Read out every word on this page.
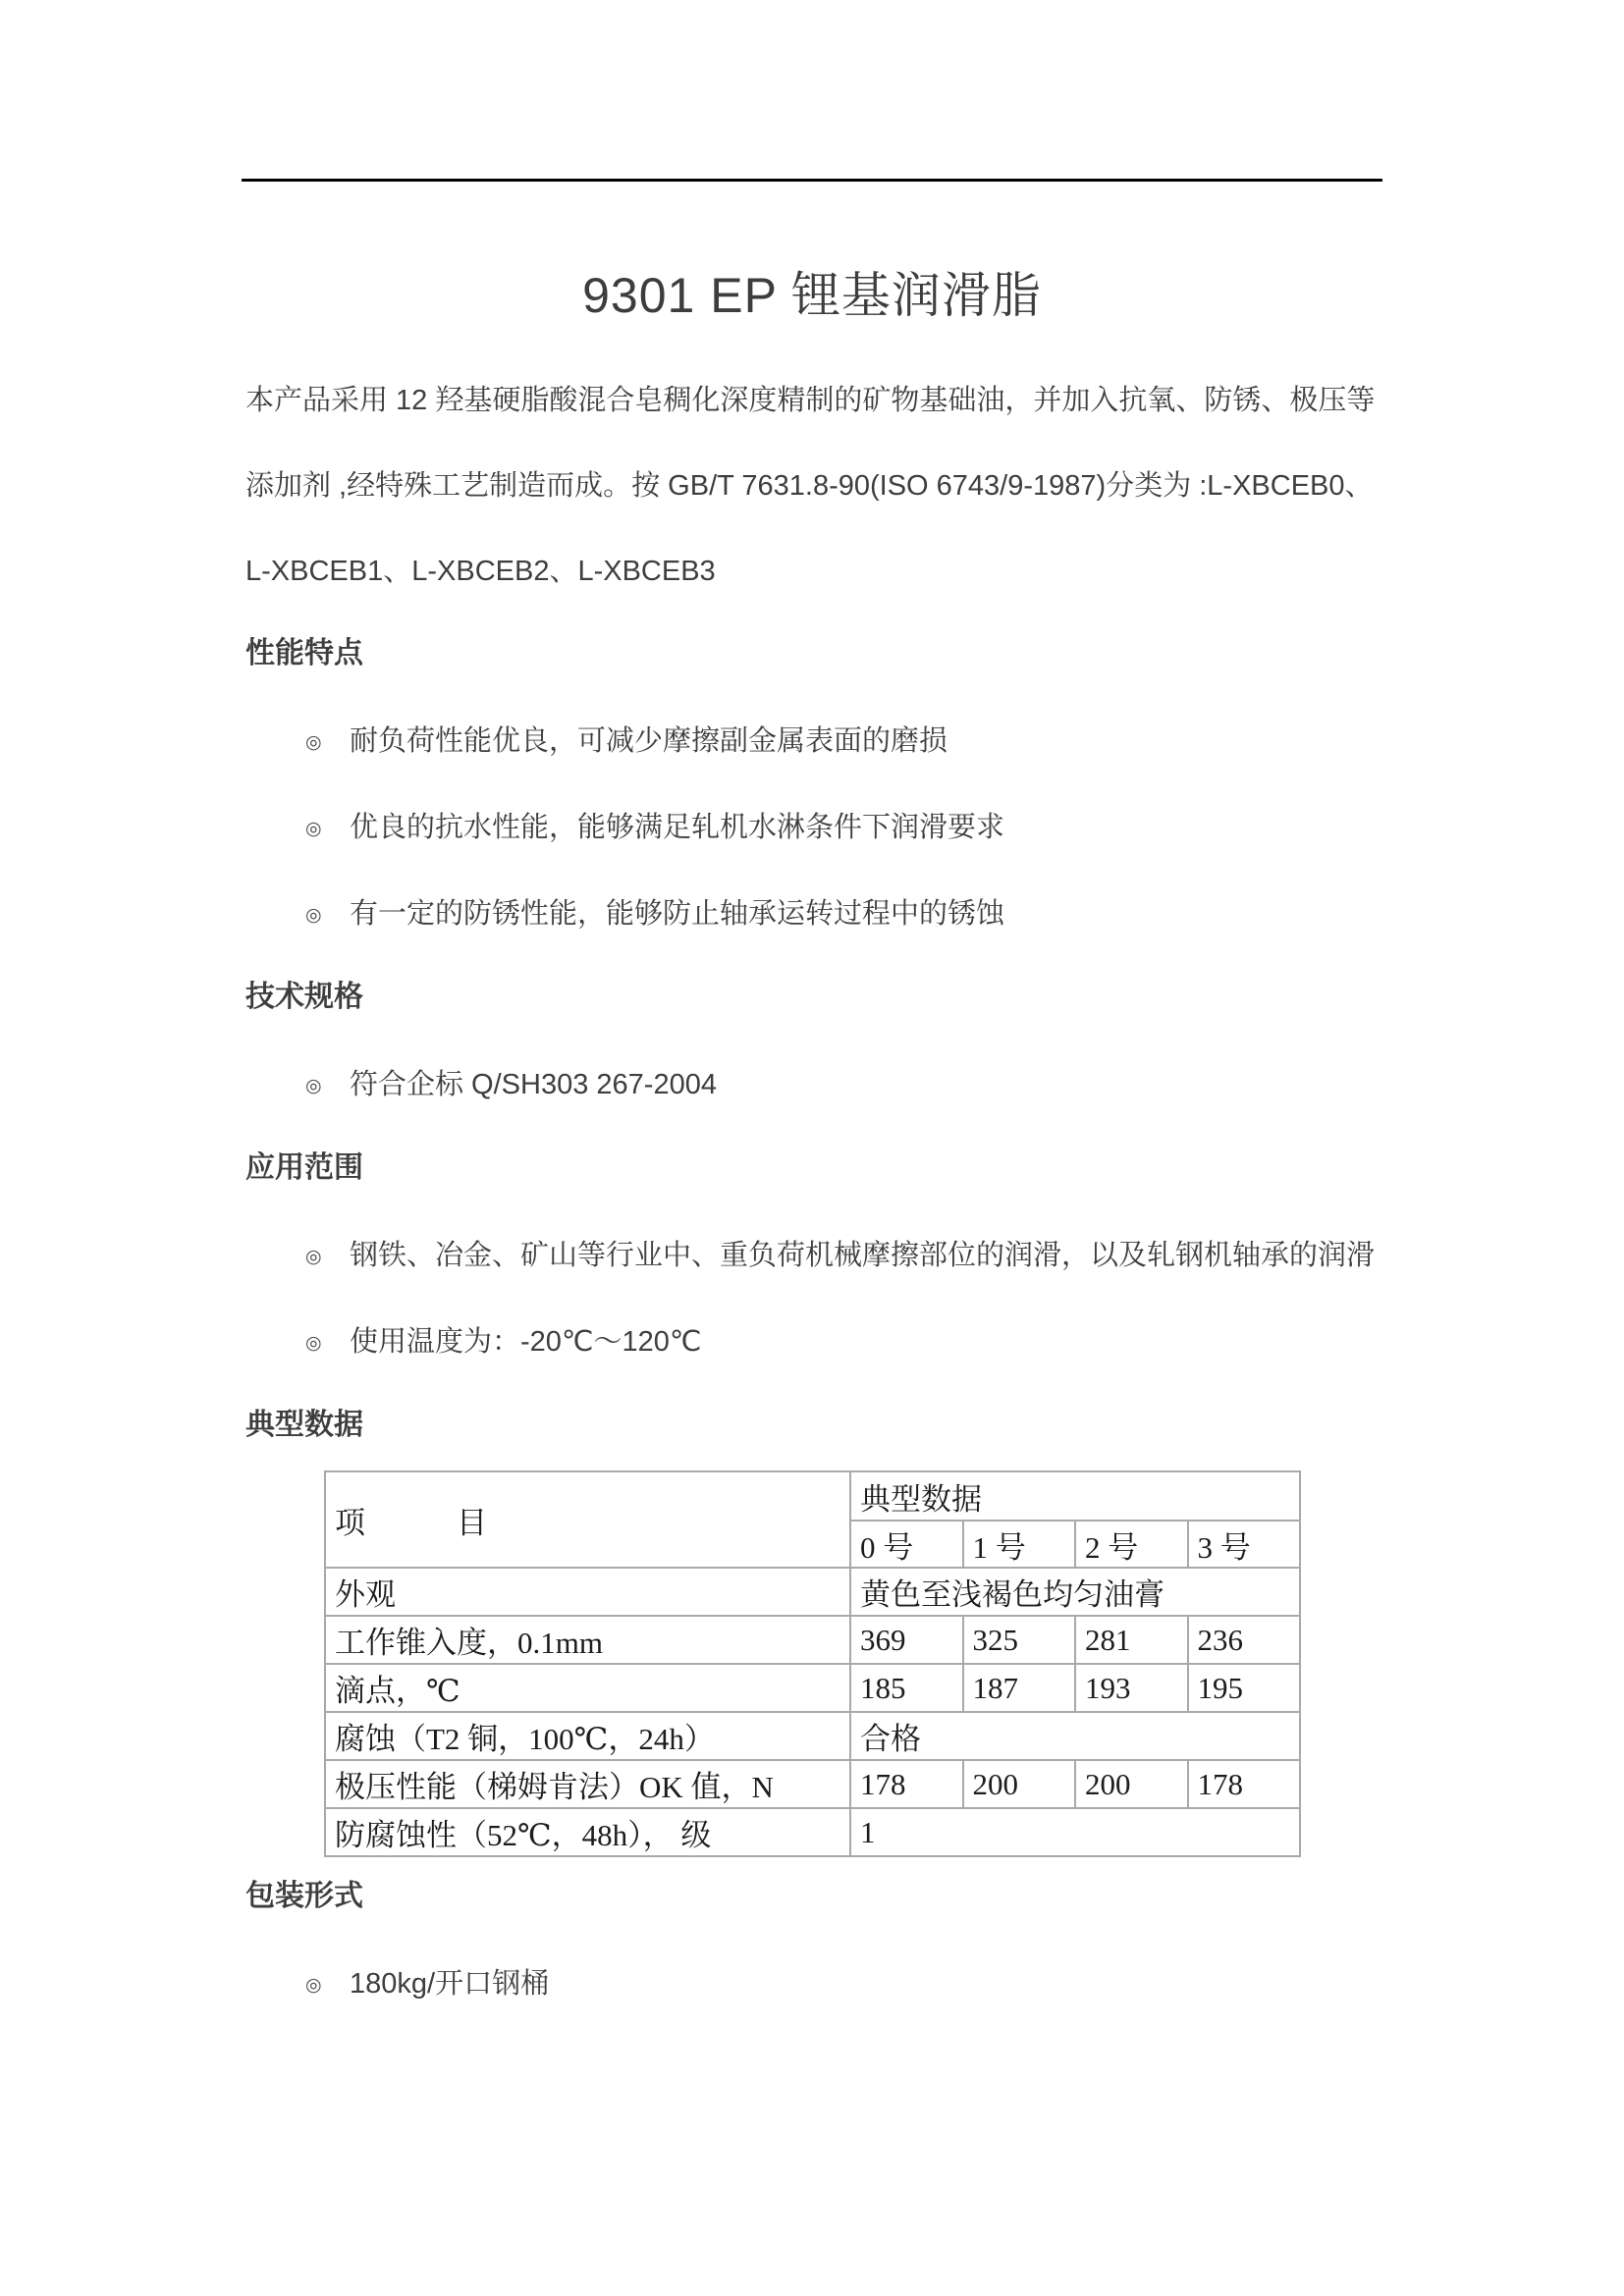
9301 EP 锂基润滑脂
本产品采用 12 羟基硬脂酸混合皂稠化深度精制的矿物基础油，并加入抗氧、防锈、极压等
添加剂 ,经特殊工艺制造而成。按 GB/T 7631.8-90(ISO 6743/9-1987)分类为 :L-XBCEB0、
L-XBCEB1、L-XBCEB2、L-XBCEB3
性能特点
◎ 耐负荷性能优良，可减少摩擦副金属表面的磨损
◎ 优良的抗水性能，能够满足轧机水淋条件下润滑要求
◎ 有一定的防锈性能，能够防止轴承运转过程中的锈蚀
技术规格
◎ 符合企标 Q/SH303 267-2004
应用范围
◎ 钢铁、冶金、矿山等行业中、重负荷机械摩擦部位的润滑，以及轧钢机轴承的润滑
◎ 使用温度为：-20℃～120℃
典型数据
项　　　目	典型数据			
	0 号	1 号	2 号	3 号
外观	黄色至浅褐色均匀油膏			
工作锥入度，0.1mm	369	325	281	236
滴点，℃	185	187	193	195
腐蚀（T2 铜，100℃，24h）	合格			
极压性能（梯姆肯法）OK 值，N	178	200	200	178
防腐蚀性（52℃，48h）， 级	1			
包装形式
◎ 180kg/开口钢桶
